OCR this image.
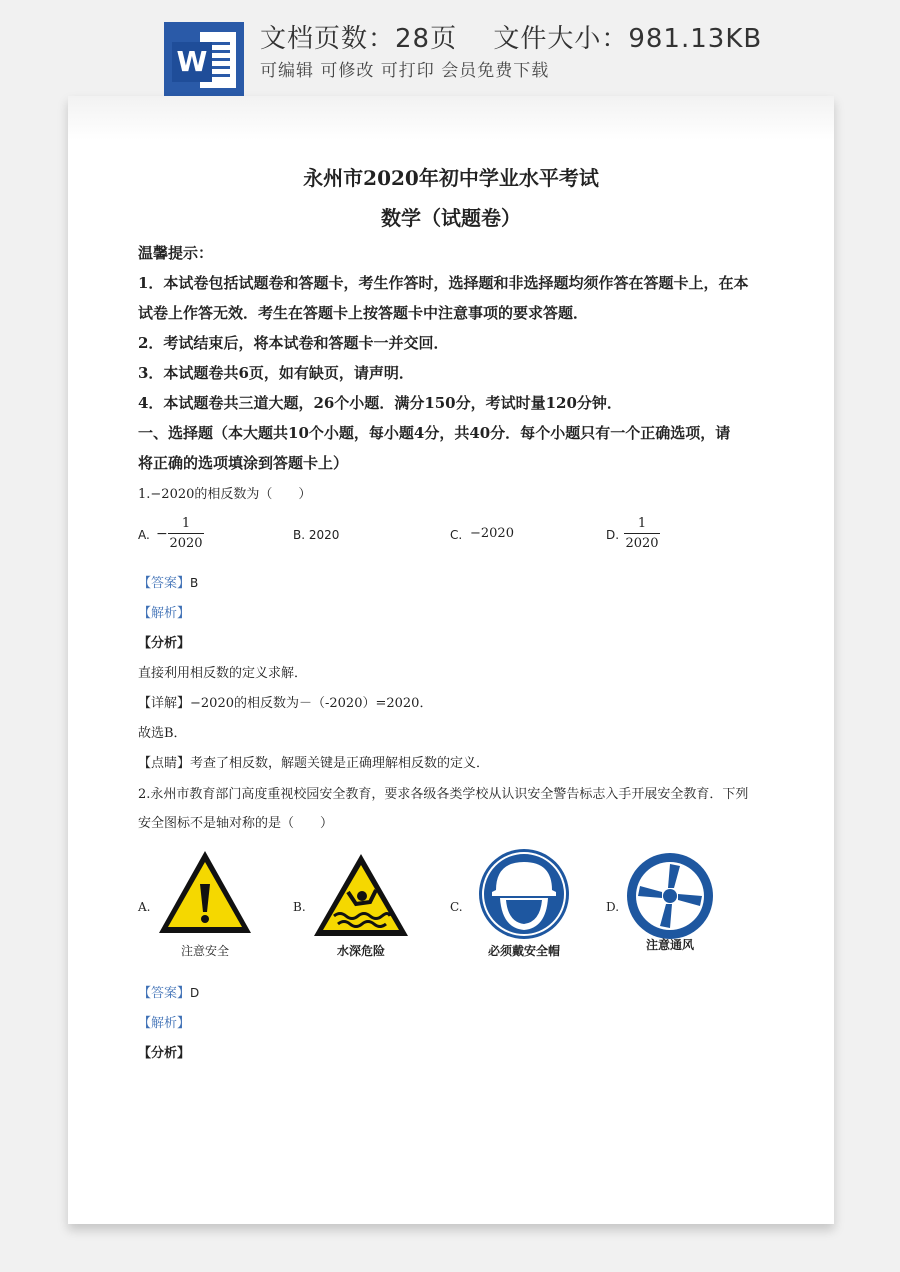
W
文档页数：28页　 文件大小：981.13KB
可编辑 可修改 可打印 会员免费下载
永州市2020年初中学业水平考试
数学（试题卷）
温馨提示：
1．本试卷包括试题卷和答题卡，考生作答时，选择题和非选择题均须作答在答题卡上，在本
试卷上作答无效．考生在答题卡上按答题卡中注意事项的要求答题．
2．考试结束后，将本试卷和答题卡一并交回．
3．本试题卷共6页，如有缺页，请声明．
4．本试题卷共三道大题，26个小题．满分150分，考试时量120分钟．
一、选择题（本大题共10个小题，每小题4分，共40分．每个小题只有一个正确选项，请
将正确的选项填涂到答题卡上）
1.−2020的相反数为（　　）
A. −
1
2020
B. 2020	C. −2020	D.
1
2020
【答案】B
【解析】
【分析】
直接利用相反数的定义求解．
【详解】−2020的相反数为－（-2020）=2020．
故选B．
【点睛】考查了相反数，解题关键是正确理解相反数的定义．
2.永州市教育部门高度重视校园安全教育，要求各级各类学校从认识安全警告标志入手开展安全教育．下列
安全图标不是轴对称的是（　　）
A.
注意安全
B.
水深危险
C.
必须戴安全帽
D.
注意通风
【答案】D
【解析】
【分析】
